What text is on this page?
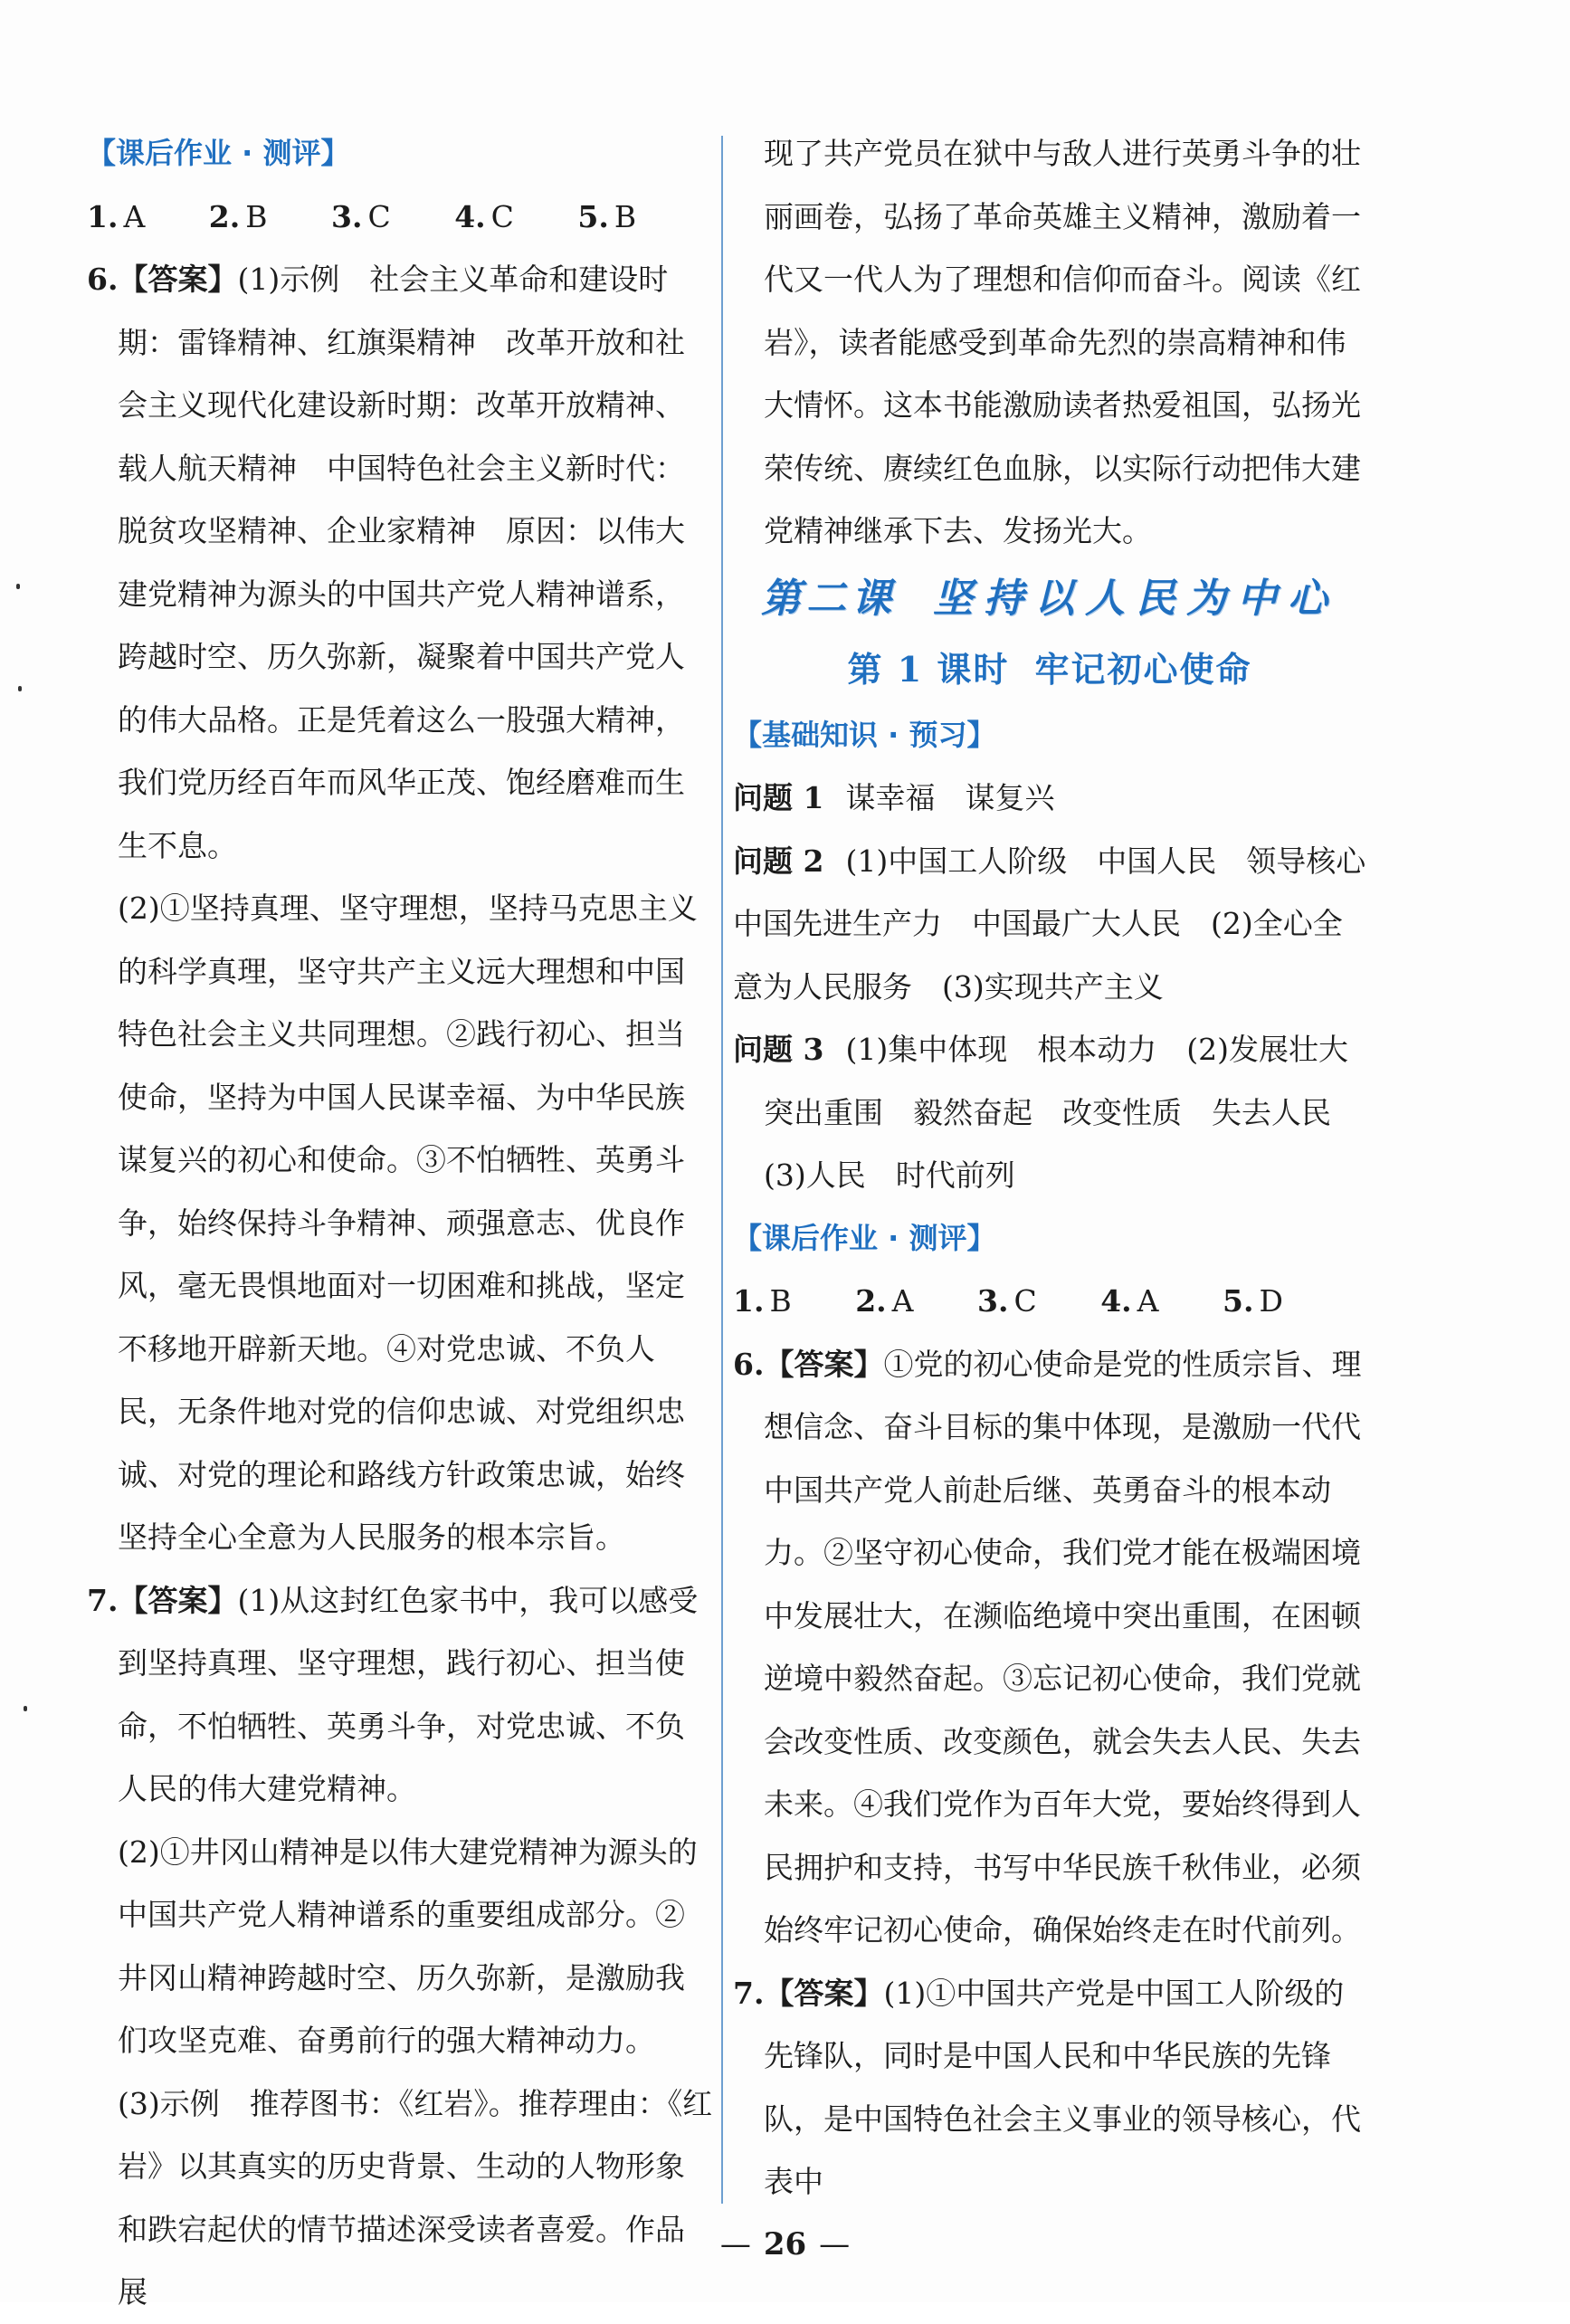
【课后作业 · 测评】

1. A 2. B 3. C 4. C 5. B

6.【答案】(1)示例　社会主义革命和建设时期：雷锋精神、红旗渠精神　改革开放和社会主义现代化建设新时期：改革开放精神、载人航天精神　中国特色社会主义新时代：脱贫攻坚精神、企业家精神　原因：以伟大建党精神为源头的中国共产党人精神谱系，跨越时空、历久弥新，凝聚着中国共产党人的伟大品格。正是凭着这么一股强大精神，我们党历经百年而风华正茂、饱经磨难而生生不息。

(2)①坚持真理、坚守理想，坚持马克思主义的科学真理，坚守共产主义远大理想和中国特色社会主义共同理想。②践行初心、担当使命，坚持为中国人民谋幸福、为中华民族谋复兴的初心和使命。③不怕牺牲、英勇斗争，始终保持斗争精神、顽强意志、优良作风，毫无畏惧地面对一切困难和挑战，坚定不移地开辟新天地。④对党忠诚、不负人民，无条件地对党的信仰忠诚、对党组织忠诚、对党的理论和路线方针政策忠诚，始终坚持全心全意为人民服务的根本宗旨。

7.【答案】(1)从这封红色家书中，我可以感受到坚持真理、坚守理想，践行初心、担当使命，不怕牺牲、英勇斗争，对党忠诚、不负人民的伟大建党精神。

(2)①井冈山精神是以伟大建党精神为源头的中国共产党人精神谱系的重要组成部分。②井冈山精神跨越时空、历久弥新，是激励我们攻坚克难、奋勇前行的强大精神动力。

(3)示例　推荐图书：《红岩》。推荐理由：《红岩》以其真实的历史背景、生动的人物形象和跌宕起伏的情节描述深受读者喜爱。作品展

现了共产党员在狱中与敌人进行英勇斗争的壮丽画卷，弘扬了革命英雄主义精神，激励着一代又一代人为了理想和信仰而奋斗。阅读《红岩》，读者能感受到革命先烈的崇高精神和伟大情怀。这本书能激励读者热爱祖国，弘扬光荣传统、赓续红色血脉，以实际行动把伟大建党精神继承下去、发扬光大。

第二课 坚持以人民为中心

第 1 课时 牢记初心使命

【基础知识 · 预习】

问题 1 谋幸福　谋复兴

问题 2 (1)中国工人阶级　中国人民　领导核心　中国先进生产力　中国最广大人民　(2)全心全意为人民服务　(3)实现共产主义

问题 3 (1)集中体现　根本动力　(2)发展壮大　突出重围　毅然奋起　改变性质　失去人民　(3)人民　时代前列

【课后作业 · 测评】

1. B 2. A 3. C 4. A 5. D

6.【答案】①党的初心使命是党的性质宗旨、理想信念、奋斗目标的集中体现，是激励一代代中国共产党人前赴后继、英勇奋斗的根本动力。②坚守初心使命，我们党才能在极端困境中发展壮大，在濒临绝境中突出重围，在困顿逆境中毅然奋起。③忘记初心使命，我们党就会改变性质、改变颜色，就会失去人民、失去未来。④我们党作为百年大党，要始终得到人民拥护和支持，书写中华民族千秋伟业，必须始终牢记初心使命，确保始终走在时代前列。

7.【答案】(1)①中国共产党是中国工人阶级的先锋队，同时是中国人民和中华民族的先锋队，是中国特色社会主义事业的领导核心，代表中

— 26 —
